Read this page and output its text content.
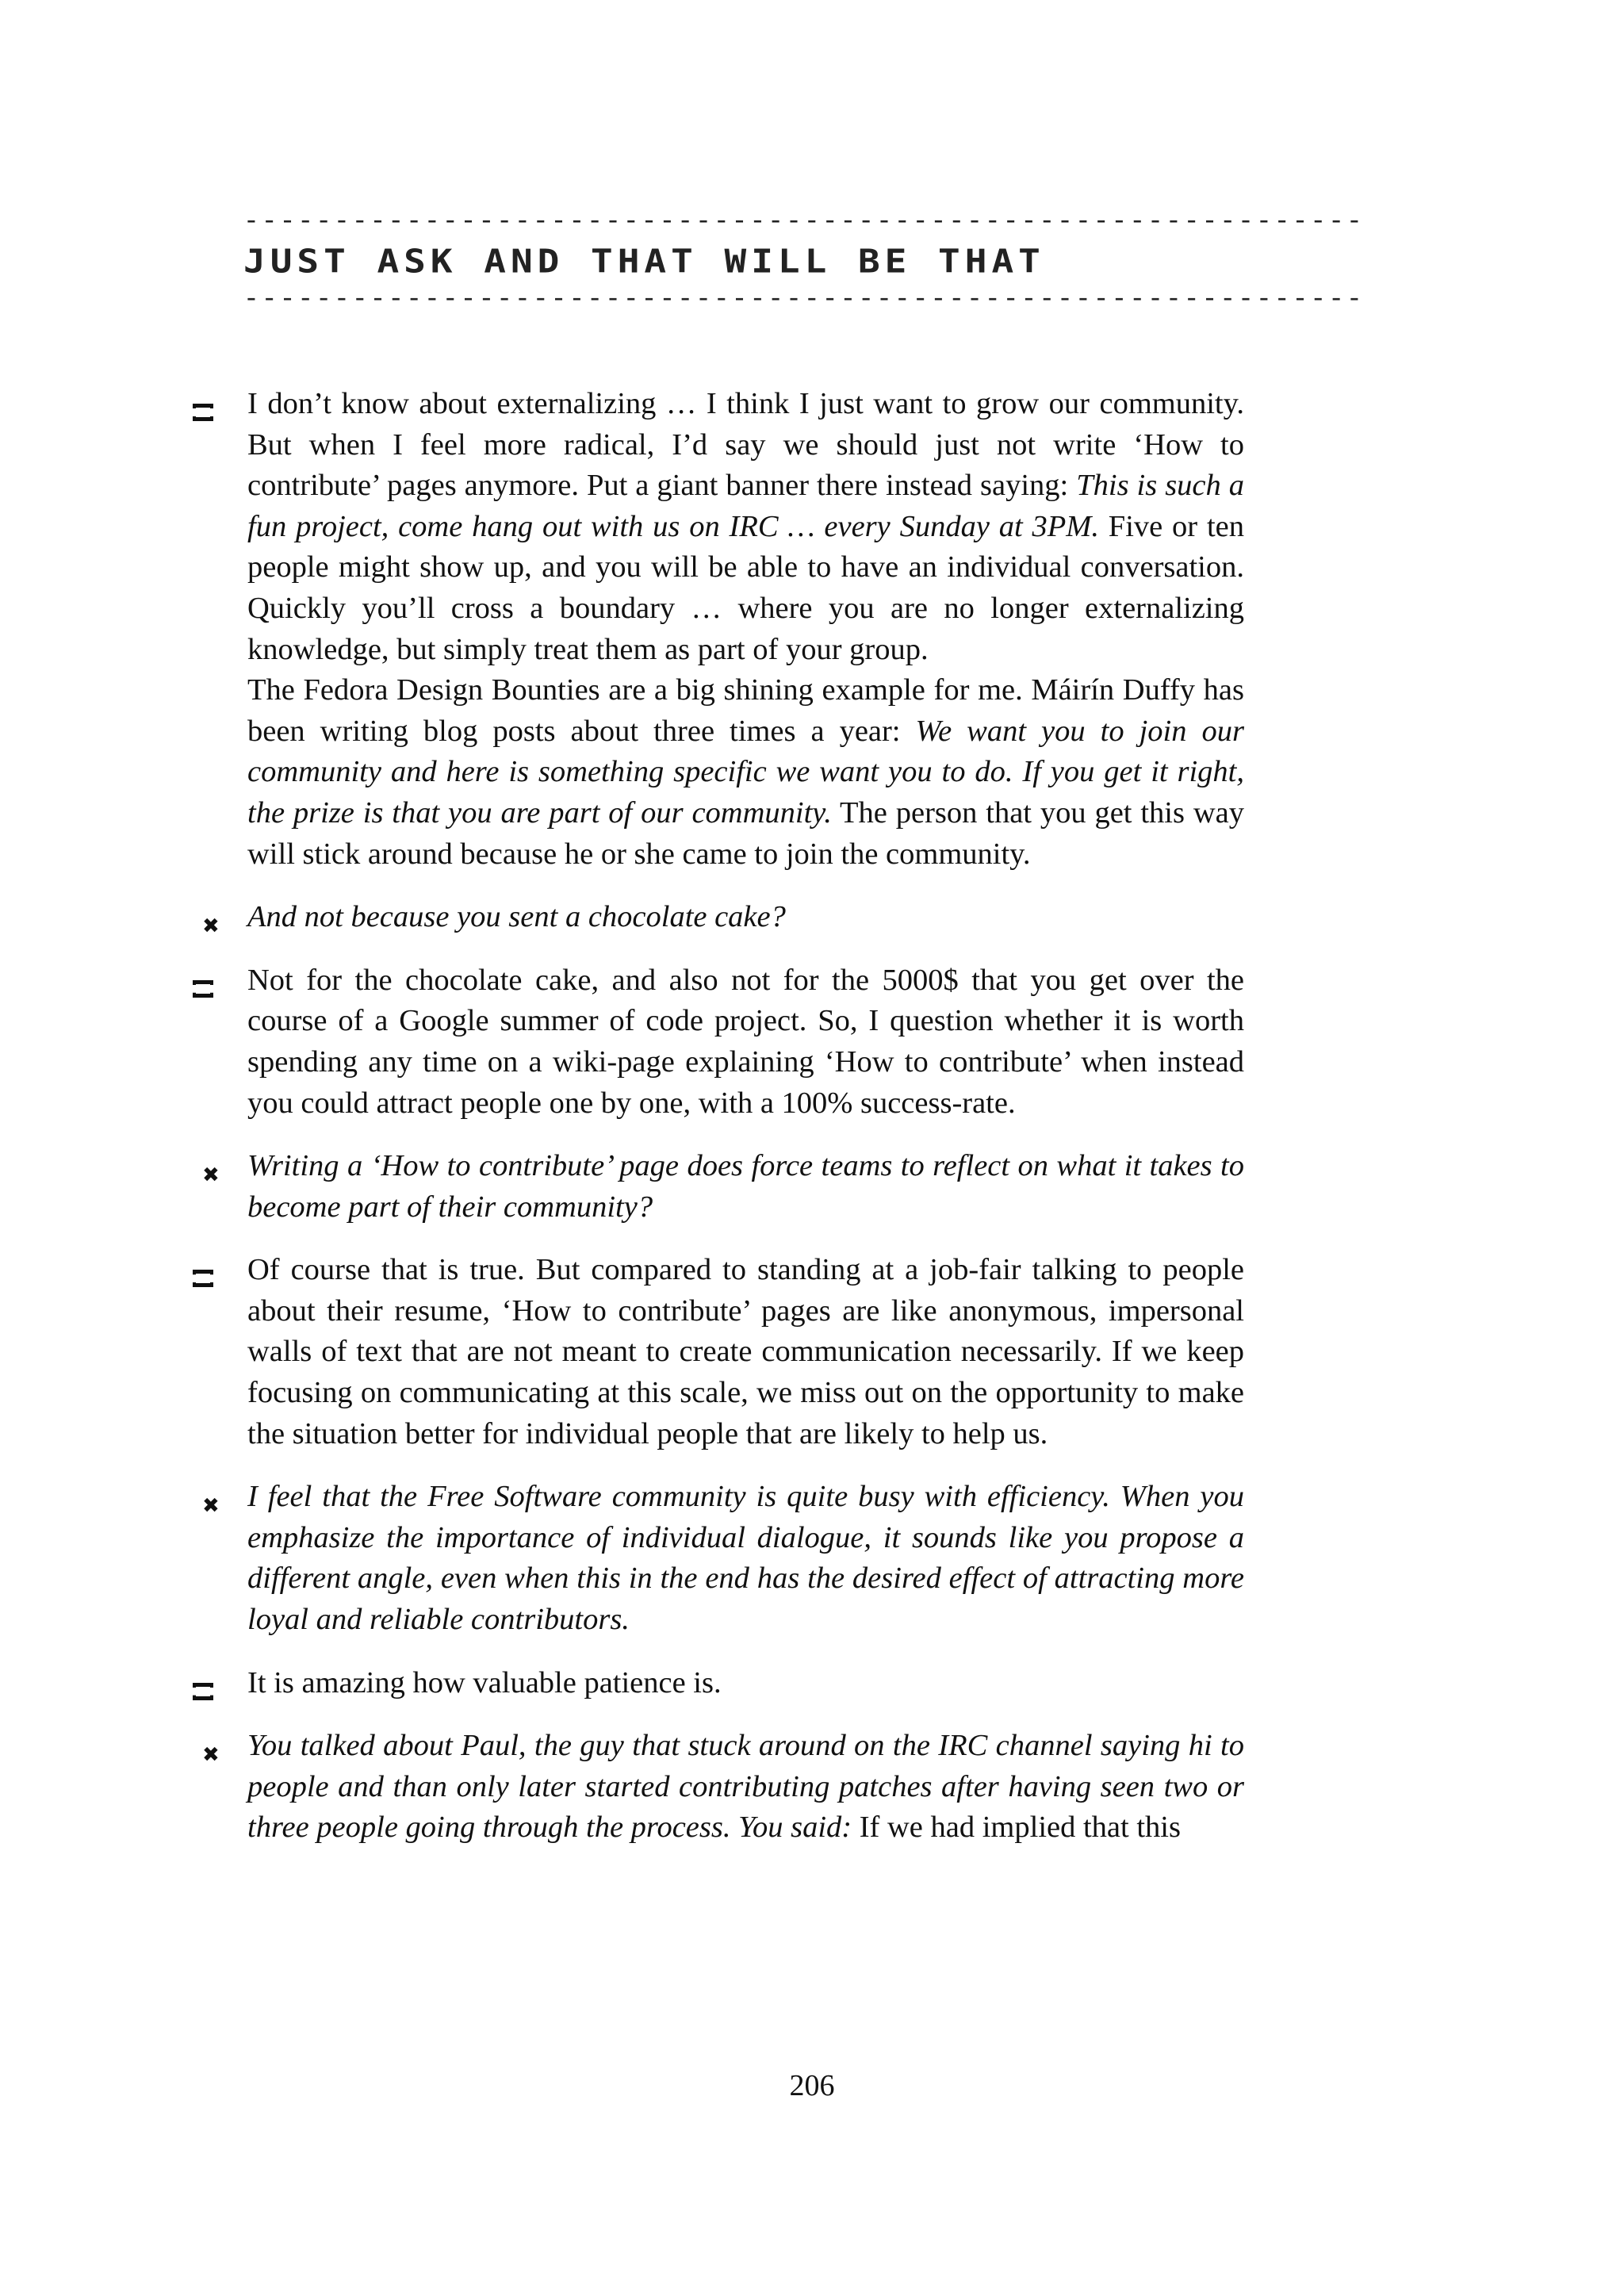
--------------------------------------------------------------
JUST ASK AND THAT WILL BE THAT
--------------------------------------------------------------

I don’t know about externalizing … I think I just want to grow our community. But when I feel more radical, I’d say we should just not write ‘How to contribute’ pages anymore. Put a giant banner there instead saying: This is such a fun project, come hang out with us on IRC … every Sunday at 3PM. Five or ten people might show up, and you will be able to have an individual conversation. Quickly you’ll cross a boundary … where you are no longer externalizing knowledge, but simply treat them as part of your group.

The Fedora Design Bounties are a big shining example for me. Máirín Duffy has been writing blog posts about three times a year: We want you to join our community and here is something specific we want you to do. If you get it right, the prize is that you are part of our community. The person that you get this way will stick around because he or she came to join the community.

✖ And not because you sent a chocolate cake?

Not for the chocolate cake, and also not for the 5000$ that you get over the course of a Google summer of code project. So, I question whether it is worth spending any time on a wiki-page explaining ‘How to contribute’ when instead you could attract people one by one, with a 100% success-rate.

✖ Writing a ‘How to contribute’ page does force teams to reflect on what it takes to become part of their community?

Of course that is true. But compared to standing at a job-fair talking to people about their resume, ‘How to contribute’ pages are like anonymous, impersonal walls of text that are not meant to create communication necessarily. If we keep focusing on communicating at this scale, we miss out on the opportunity to make the situation better for individual people that are likely to help us.

✖ I feel that the Free Software community is quite busy with efficiency. When you emphasize the importance of individual dialogue, it sounds like you propose a different angle, even when this in the end has the desired effect of attracting more loyal and reliable contributors.

It is amazing how valuable patience is.

✖ You talked about Paul, the guy that stuck around on the IRC channel saying hi to people and than only later started contributing patches after having seen two or three people going through the process. You said: If we had implied that this

206
